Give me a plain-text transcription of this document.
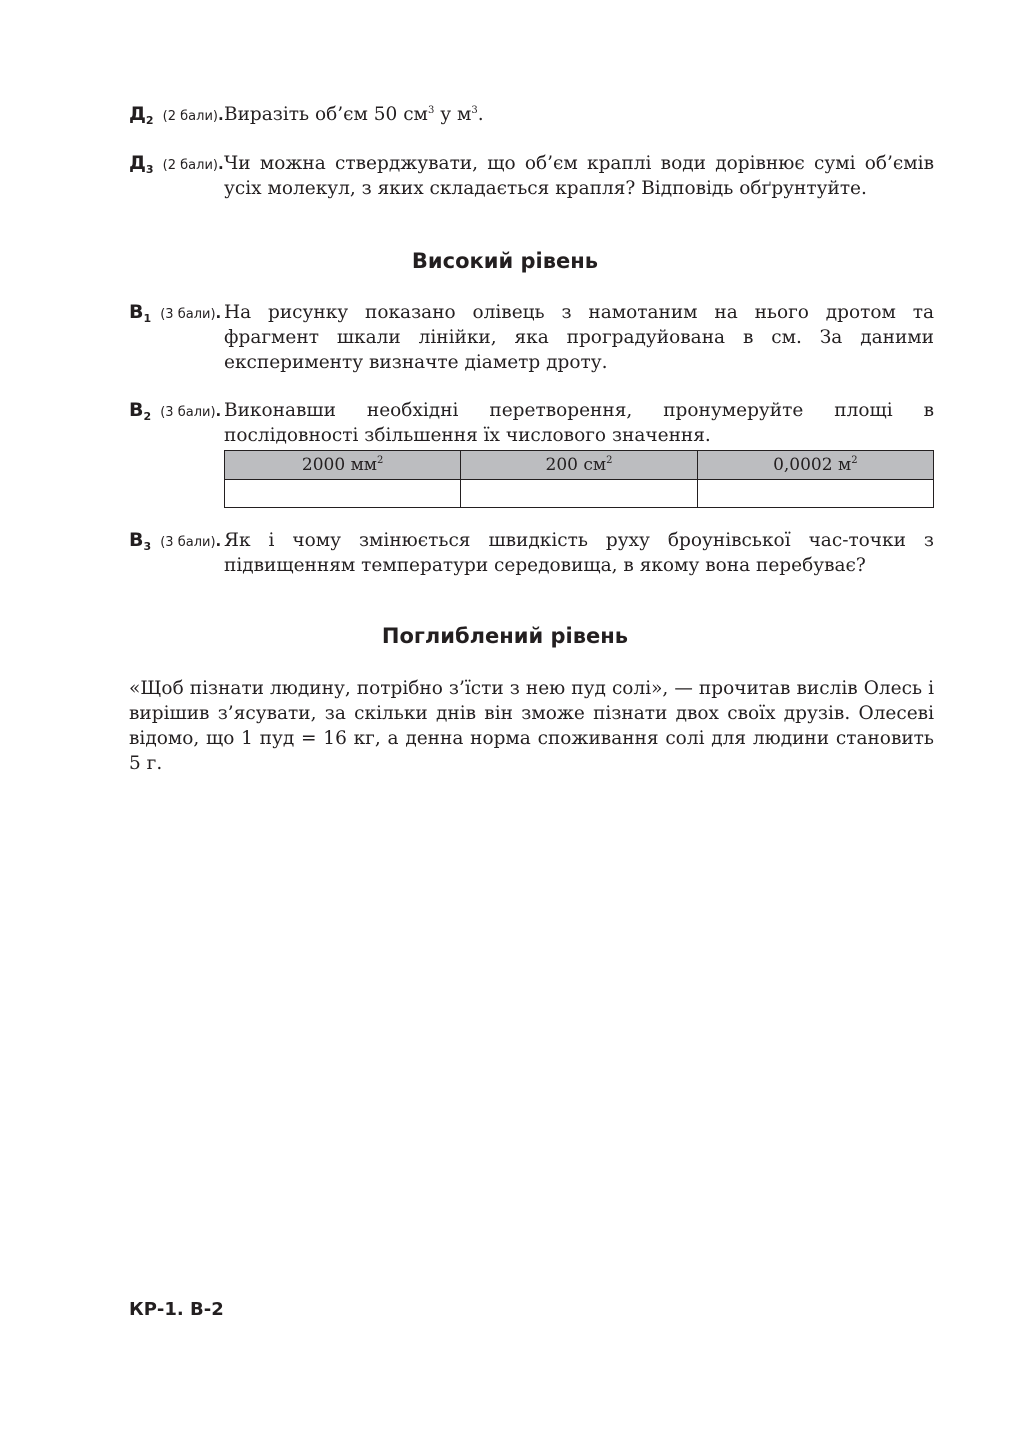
$Д_2$ (2 бали). Виразіть об’єм 50 $см^3$ у $м^3$.
$Д_3$ (2 бали). Чи можна стверджувати, що об’єм краплі води дорівнює сумі об’ємів усіх молекул, з яких складається крапля? Відповідь обґрунтуйте.
Високий рівень
$В_1$ (3 бали). На рисунку показано олівець з намотаним на нього дротом та фрагмент шкали лінійки, яка проградуйована в см. За даними експерименту визначте діаметр дроту.
$В_2$ (3 бали). Виконавши необхідні перетворення, пронумеруйте площі в послідовності збільшення їх числового значення.
2000 $мм^2$	200 $см^2$	0,0002 $м^2$

$В_3$ (3 бали). Як і чому змінюється швидкість руху броунівської час-точки з підвищенням температури середовища, в якому вона перебуває?
Поглиблений рівень
«Щоб пізнати людину, потрібно з’їсти з нею пуд солі», — прочитав вислів Олесь і вирішив з’ясувати, за скільки днів він зможе пізнати двох своїх друзів. Олесеві відомо, що 1 пуд = 16 кг, а денна норма споживання солі для людини становить 5 г.
КР-1. В-2
